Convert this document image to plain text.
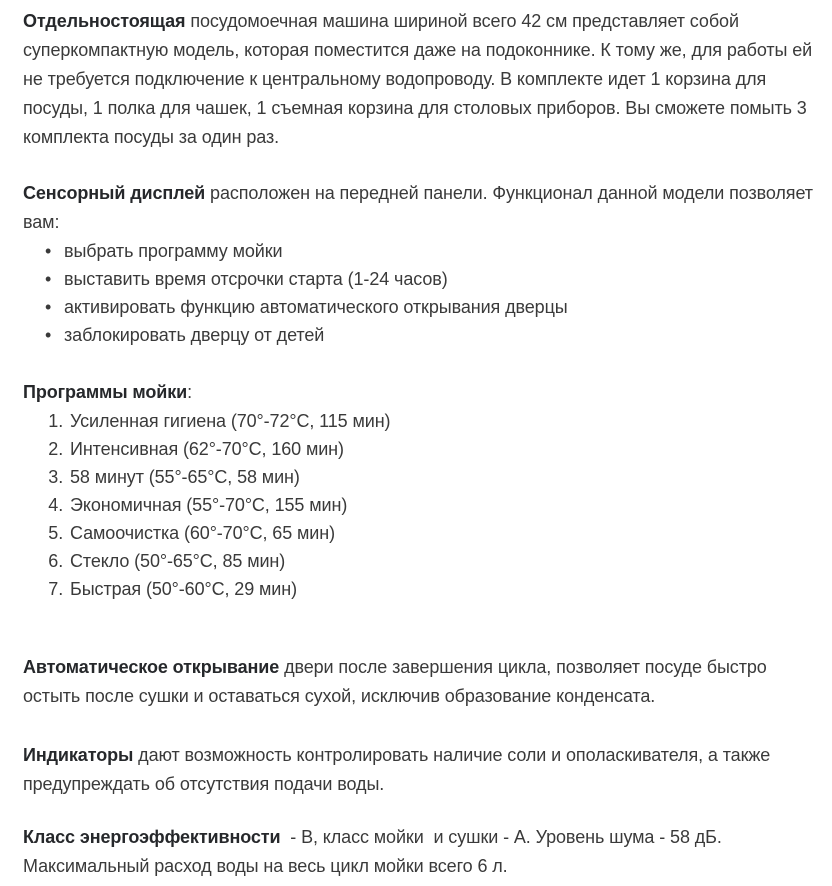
Отдельностоящая посудомоечная машина шириной всего 42 см представляет собой суперкомпактную модель, которая поместится даже на подоконнике. К тому же, для работы ей не требуется подключение к центральному водопроводу. В комплекте идет 1 корзина для посуды, 1 полка для чашек, 1 съемная корзина для столовых приборов. Вы сможете помыть 3 комплекта посуды за один раз.

Сенсорный дисплей расположен на передней панели. Функционал данной модели позволяет вам:

• выбрать программу мойки
• выставить время отсрочки старта (1-24 часов)
• активировать функцию автоматического открывания дверцы
• заблокировать дверцу от детей

Программы мойки:

1. Усиленная гигиена (70°-72°С, 115 мин)
2. Интенсивная (62°-70°С, 160 мин)
3. 58 минут (55°-65°С, 58 мин)
4. Экономичная (55°-70°С, 155 мин)
5. Самоочистка (60°-70°С, 65 мин)
6. Стекло (50°-65°С, 85 мин)
7. Быстрая (50°-60°С, 29 мин)

Автоматическое открывание двери после завершения цикла, позволяет посуде быстро остыть после сушки и оставаться сухой, исключив образование конденсата.

Индикаторы дают возможность контролировать наличие соли и ополаскивателя, а также предупреждать об отсутствия подачи воды.

Класс энергоэффективности  - В, класс мойки  и сушки - А. Уровень шума - 58 дБ. Максимальный расход воды на весь цикл мойки всего 6 л.
